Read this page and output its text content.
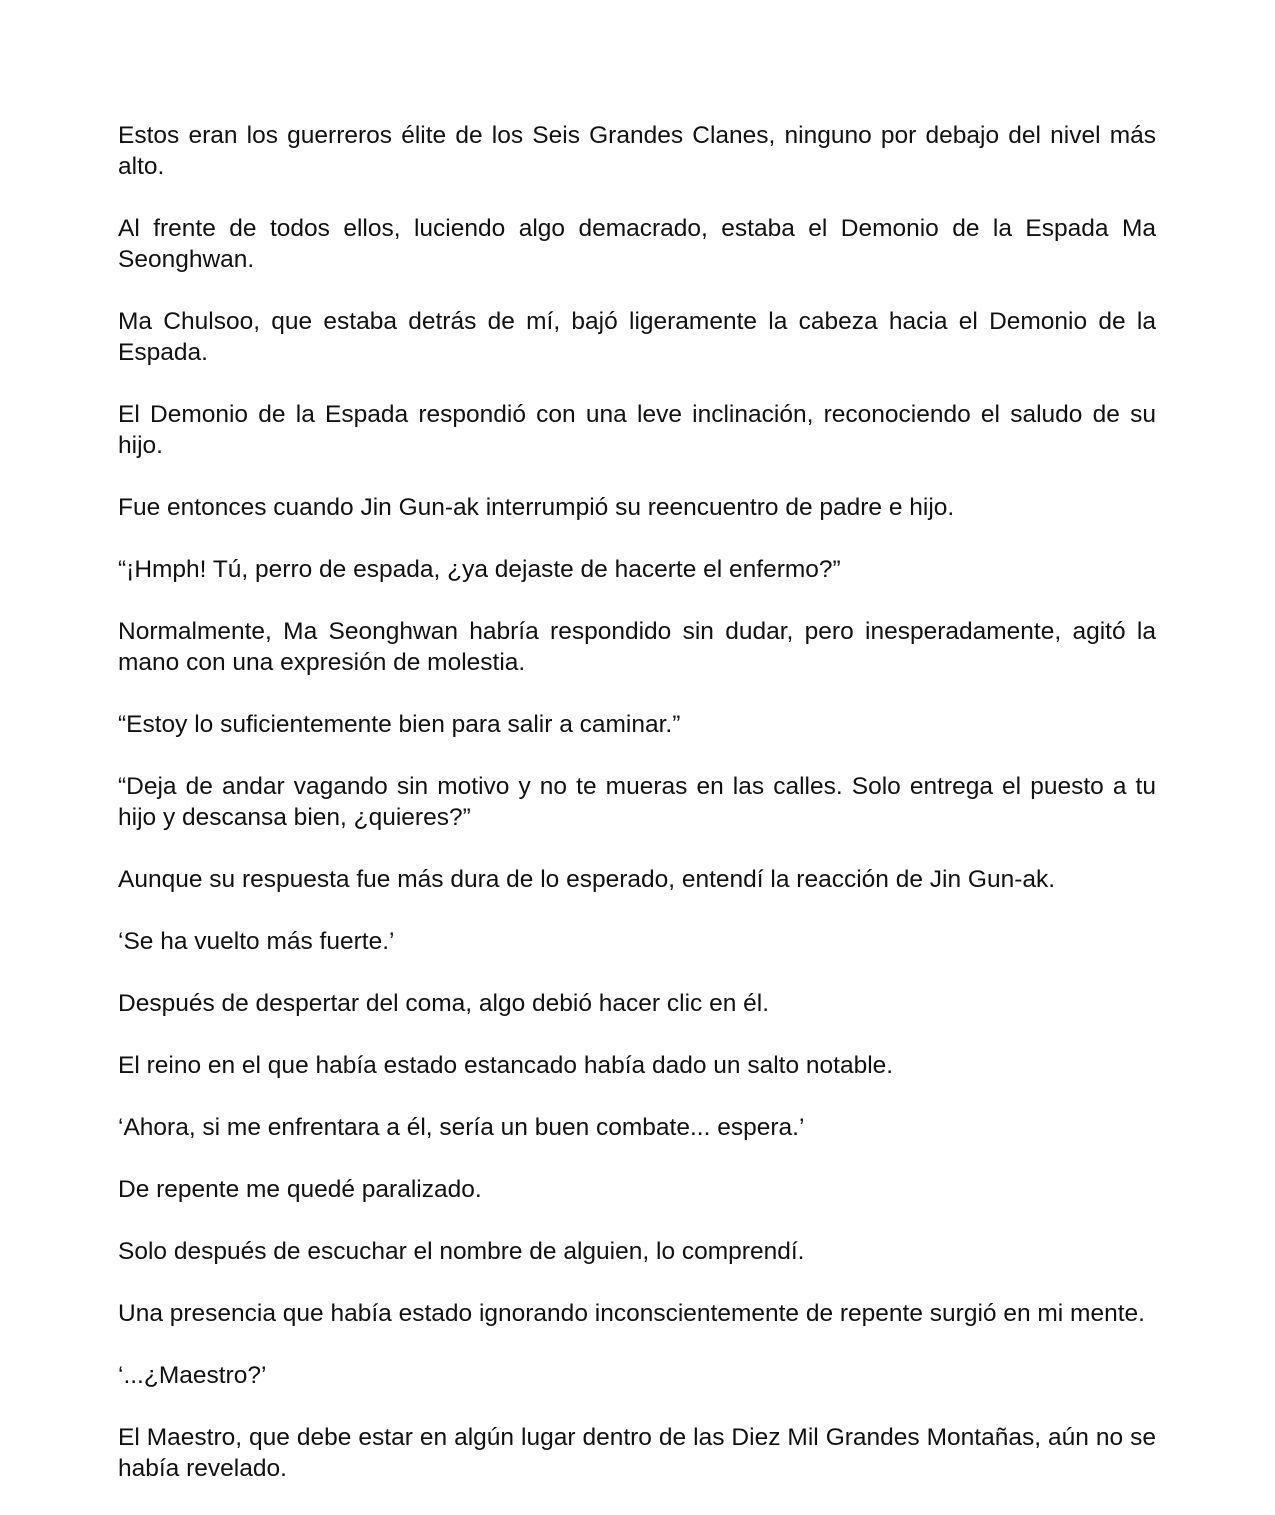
Estos eran los guerreros élite de los Seis Grandes Clanes, ninguno por debajo del nivel más alto.

Al frente de todos ellos, luciendo algo demacrado, estaba el Demonio de la Espada Ma Seonghwan.

Ma Chulsoo, que estaba detrás de mí, bajó ligeramente la cabeza hacia el Demonio de la Espada.

El Demonio de la Espada respondió con una leve inclinación, reconociendo el saludo de su hijo.

Fue entonces cuando Jin Gun-ak interrumpió su reencuentro de padre e hijo.

“¡Hmph! Tú, perro de espada, ¿ya dejaste de hacerte el enfermo?”

Normalmente, Ma Seonghwan habría respondido sin dudar, pero inesperadamente, agitó la mano con una expresión de molestia.

“Estoy lo suficientemente bien para salir a caminar.”

“Deja de andar vagando sin motivo y no te mueras en las calles. Solo entrega el puesto a tu hijo y descansa bien, ¿quieres?”

Aunque su respuesta fue más dura de lo esperado, entendí la reacción de Jin Gun-ak.

‘Se ha vuelto más fuerte.’

Después de despertar del coma, algo debió hacer clic en él.

El reino en el que había estado estancado había dado un salto notable.

‘Ahora, si me enfrentara a él, sería un buen combate... espera.’

De repente me quedé paralizado.

Solo después de escuchar el nombre de alguien, lo comprendí.

Una presencia que había estado ignorando inconscientemente de repente surgió en mi mente.

‘...¿Maestro?’

El Maestro, que debe estar en algún lugar dentro de las Diez Mil Grandes Montañas, aún no se había revelado.
